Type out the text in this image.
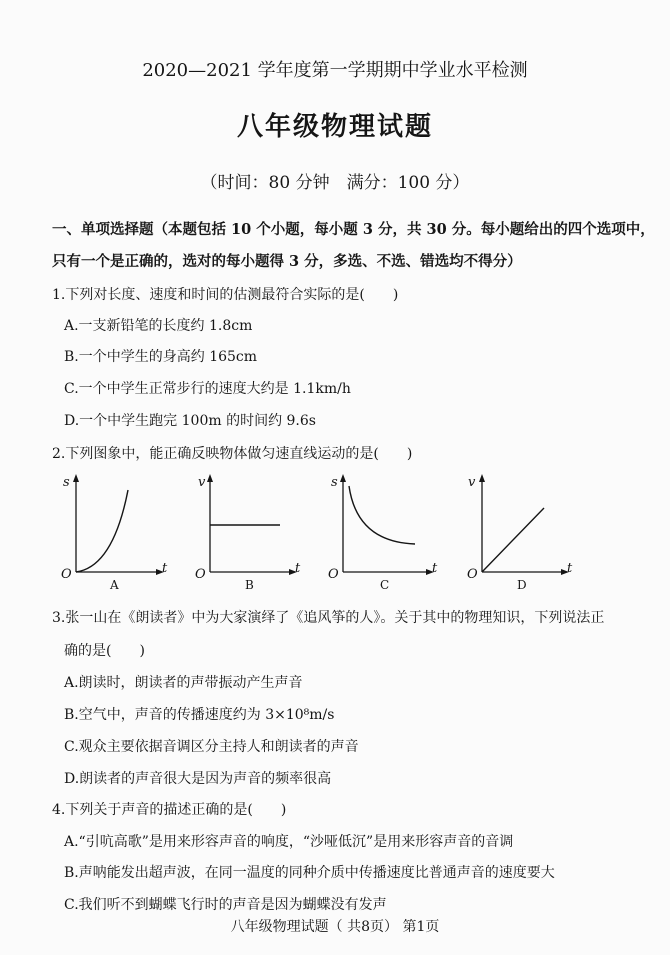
2020—2021 学年度第一学期期中学业水平检测
八年级物理试题
（时间：80 分钟　满分：100 分）
一、单项选择题（本题包括 10 个小题，每小题 3 分，共 30 分。每小题给出的四个选项中，
只有一个是正确的，选对的每小题得 3 分，多选、不选、错选均不得分）
1.下列对长度、速度和时间的估测最符合实际的是(　　)
A.一支新铅笔的长度约 1.8cm
B.一个中学生的身高约 165cm
C.一个中学生正常步行的速度大约是 1.1km/h
D.一个中学生跑完 100m 的时间约 9.6s
2.下列图象中，能正确反映物体做匀速直线运动的是(　　)
s
t
O
A
v
t
O
B
s
t
O
C
v
t
O
D
3.张一山在《朗读者》中为大家演绎了《追风筝的人》。关于其中的物理知识，下列说法正
确的是(　　)
A.朗读时，朗读者的声带振动产生声音
B.空气中，声音的传播速度约为 3×10⁸m/s
C.观众主要依据音调区分主持人和朗读者的声音
D.朗读者的声音很大是因为声音的频率很高
4.下列关于声音的描述正确的是(　　)
A.“引吭高歌”是用来形容声音的响度，“沙哑低沉”是用来形容声音的音调
B.声呐能发出超声波，在同一温度的同种介质中传播速度比普通声音的速度要大
C.我们听不到蝴蝶飞行时的声音是因为蝴蝶没有发声
八年级物理试题（ 共8页） 第1页
